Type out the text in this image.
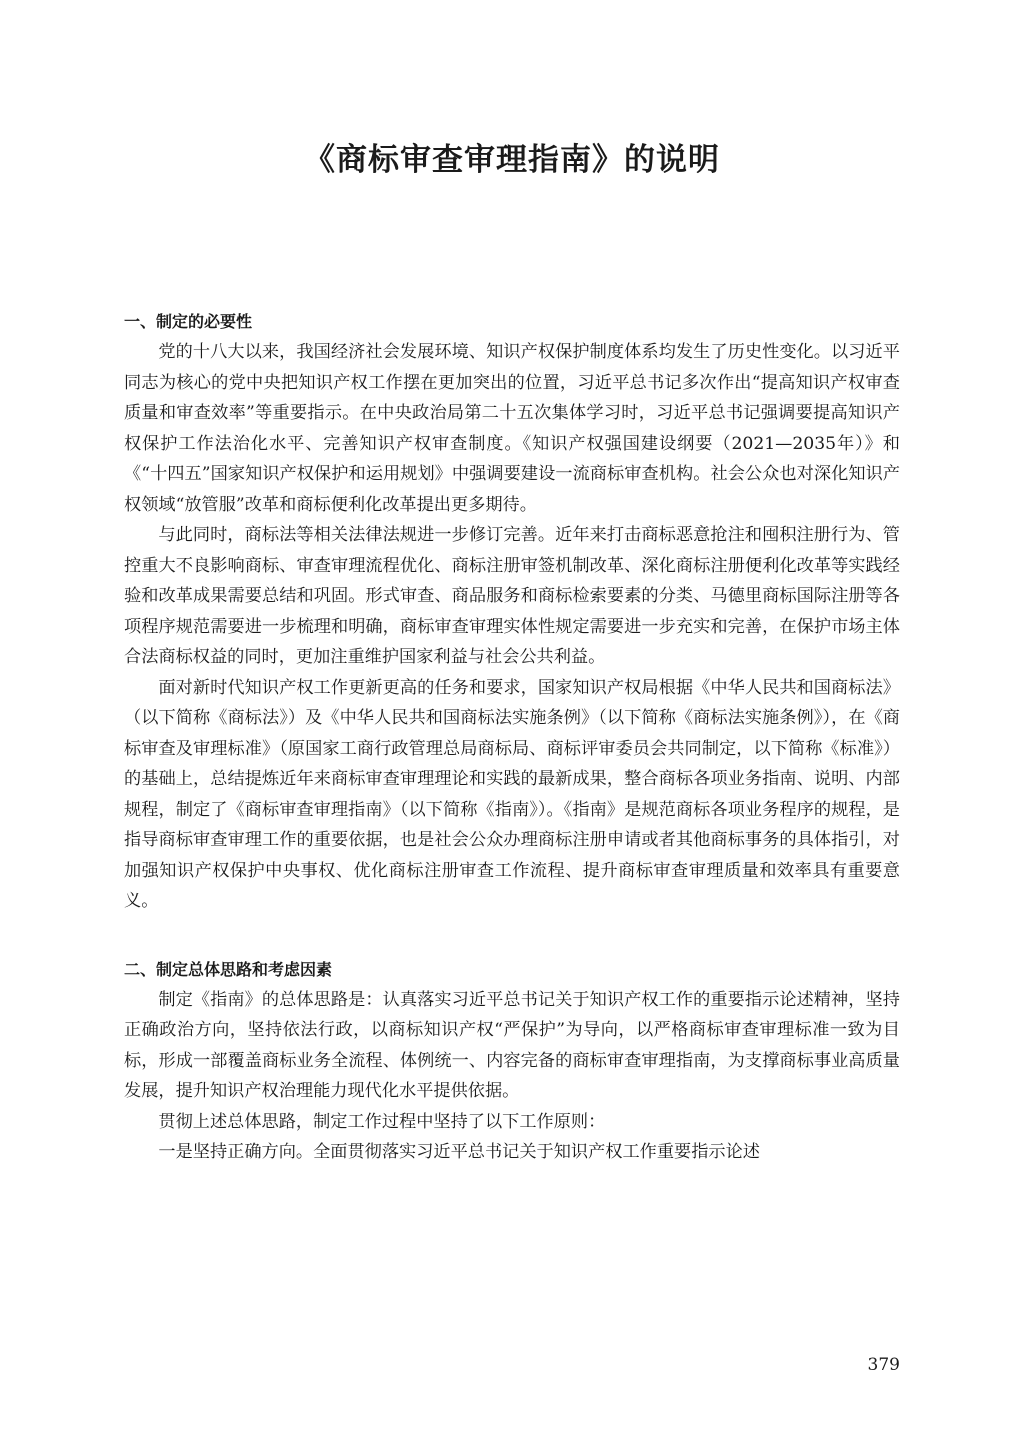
《商标审查审理指南》的说明
一、制定的必要性

党的十八大以来，我国经济社会发展环境、知识产权保护制度体系均发生了历史性变化。以习近平同志为核心的党中央把知识产权工作摆在更加突出的位置，习近平总书记多次作出“提高知识产权审查质量和审查效率”等重要指示。在中央政治局第二十五次集体学习时，习近平总书记强调要提高知识产权保护工作法治化水平、完善知识产权审查制度。《知识产权强国建设纲要（2021—2035年）》和《“十四五”国家知识产权保护和运用规划》中强调要建设一流商标审查机构。社会公众也对深化知识产权领域“放管服”改革和商标便利化改革提出更多期待。

与此同时，商标法等相关法律法规进一步修订完善。近年来打击商标恶意抢注和囤积注册行为、管控重大不良影响商标、审查审理流程优化、商标注册审签机制改革、深化商标注册便利化改革等实践经验和改革成果需要总结和巩固。形式审查、商品服务和商标检索要素的分类、马德里商标国际注册等各项程序规范需要进一步梳理和明确，商标审查审理实体性规定需要进一步充实和完善，在保护市场主体合法商标权益的同时，更加注重维护国家利益与社会公共利益。

面对新时代知识产权工作更新更高的任务和要求，国家知识产权局根据《中华人民共和国商标法》（以下简称《商标法》）及《中华人民共和国商标法实施条例》（以下简称《商标法实施条例》），在《商标审查及审理标准》（原国家工商行政管理总局商标局、商标评审委员会共同制定，以下简称《标准》）的基础上，总结提炼近年来商标审查审理理论和实践的最新成果，整合商标各项业务指南、说明、内部规程，制定了《商标审查审理指南》（以下简称《指南》）。《指南》是规范商标各项业务程序的规程，是指导商标审查审理工作的重要依据，也是社会公众办理商标注册申请或者其他商标事务的具体指引，对加强知识产权保护中央事权、优化商标注册审查工作流程、提升商标审查审理质量和效率具有重要意义。

二、制定总体思路和考虑因素

制定《指南》的总体思路是：认真落实习近平总书记关于知识产权工作的重要指示论述精神，坚持正确政治方向，坚持依法行政，以商标知识产权“严保护”为导向，以严格商标审查审理标准一致为目标，形成一部覆盖商标业务全流程、体例统一、内容完备的商标审查审理指南，为支撑商标事业高质量发展，提升知识产权治理能力现代化水平提供依据。

贯彻上述总体思路，制定工作过程中坚持了以下工作原则：

一是坚持正确方向。全面贯彻落实习近平总书记关于知识产权工作重要指示论述

379
